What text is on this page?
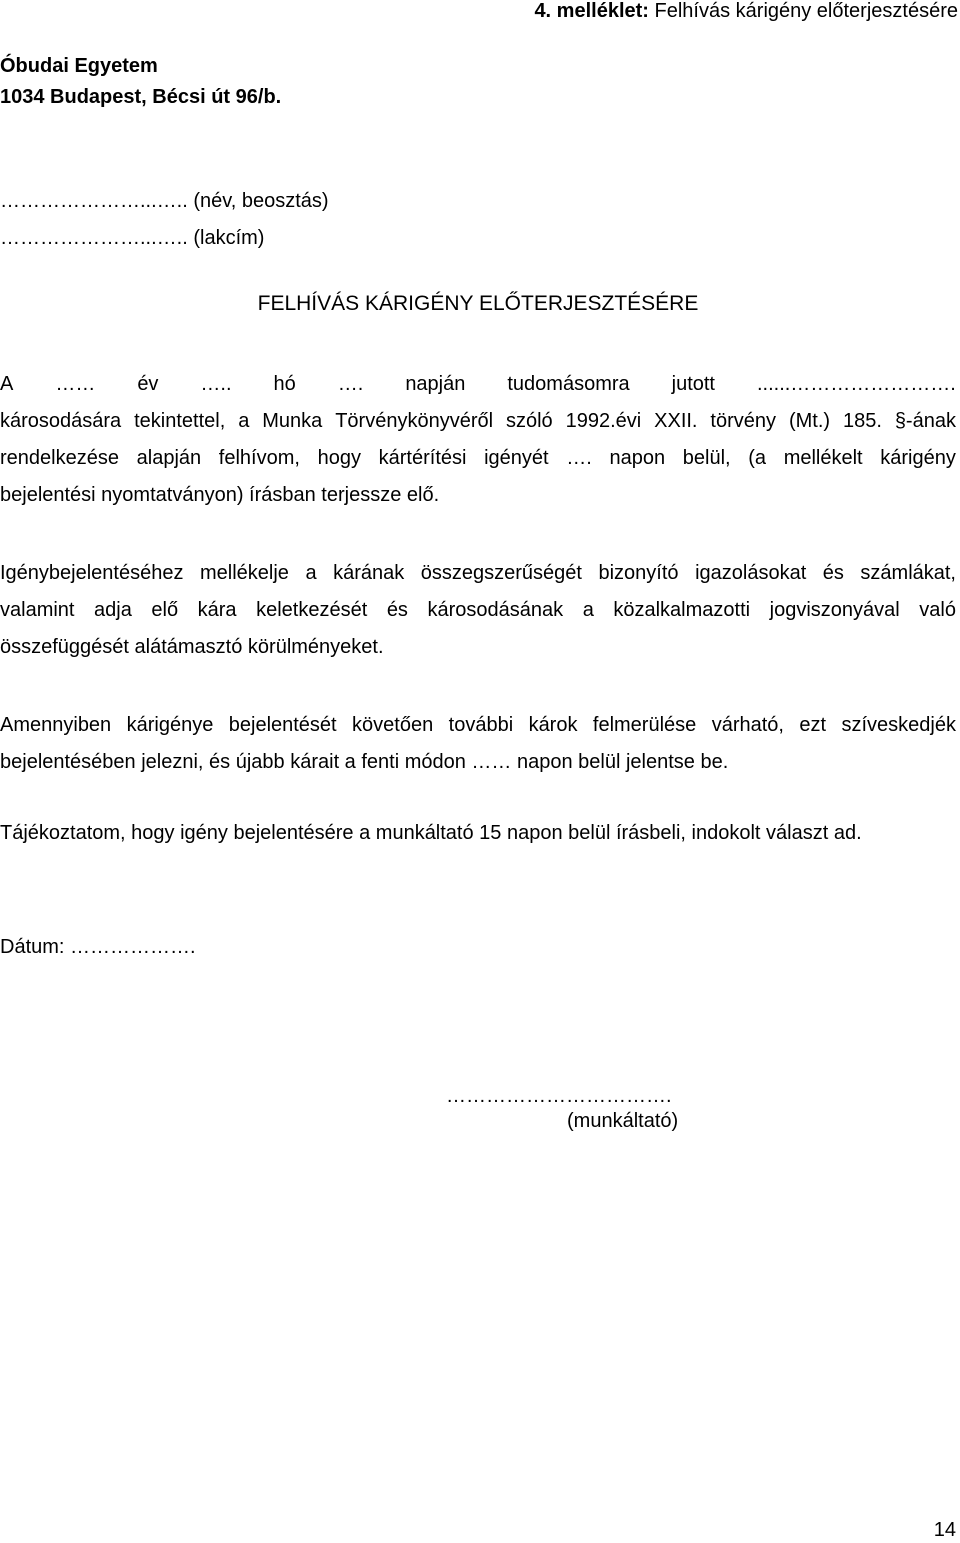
4. melléklet: Felhívás kárigény előterjesztésére
Óbudai Egyetem
1034 Budapest, Bécsi út 96/b.
…………………...….. (név, beosztás)
…………………...….. (lakcím)
FELHÍVÁS KÁRIGÉNY ELŐTERJESZTÉSÉRE
A …… év ….. hó …. napján tudomásomra jutott ......…………………….
károsodására tekintettel, a Munka Törvénykönyvéről szóló 1992.évi XXII. törvény (Mt.) 185. §-ának
rendelkezése alapján felhívom, hogy kártérítési igényét …. napon belül, (a mellékelt kárigény
bejelentési nyomtatványon) írásban terjessze elő.
Igénybejelentéséhez mellékelje a kárának összegszerűségét bizonyító igazolásokat és számlákat,
valamint adja elő kára keletkezését és károsodásának a közalkalmazotti jogviszonyával való
összefüggését alátámasztó körülményeket.
Amennyiben kárigénye bejelentését követően további károk felmerülése várható, ezt szíveskedjék
bejelentésében jelezni, és újabb kárait a fenti módon …… napon belül jelentse be.
Tájékoztatom, hogy igény bejelentésére a munkáltató 15 napon belül írásbeli, indokolt választ ad.
Dátum: ……………….
…………………………….
(munkáltató)
14
